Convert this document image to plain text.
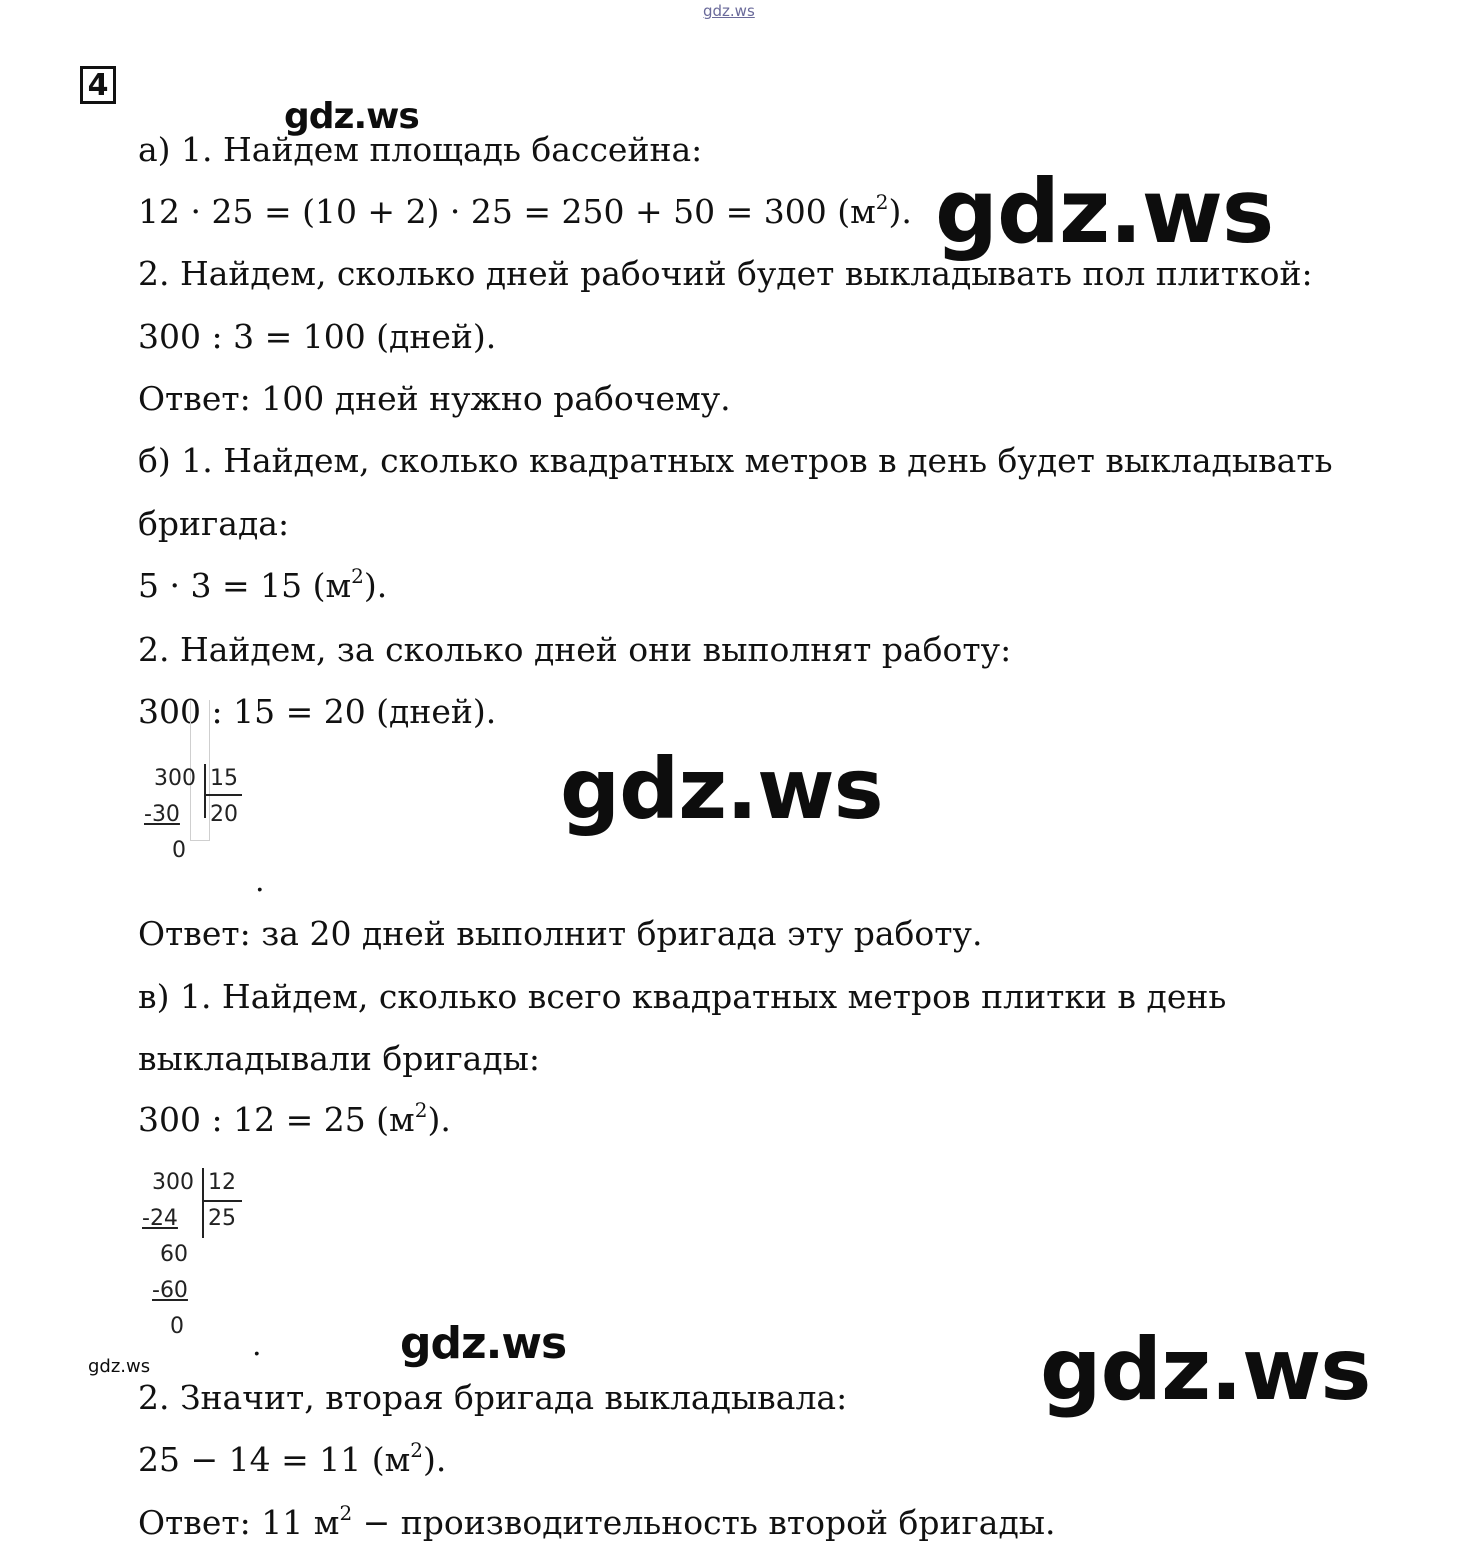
gdz.ws
4
gdz.ws
gdz.ws
gdz.ws
gdz.ws
gdz.ws	gdz.ws
а) 1. Найдем площадь бассейна:
12 · 25 = (10 + 2) · 25 = 250 + 50 = 300 $(м^2)$.
2. Найдем, сколько дней рабочий будет выкладывать пол плиткой:
300 : 3 = 100 (дней).
Ответ: 100 дней нужно рабочему.
б) 1. Найдем, сколько квадратных метров в день будет выкладывать
бригада:
5 · 3 = 15 $(м^2)$.
2. Найдем, за сколько дней они выполнят работу:
300 : 15 = 20 (дней).
300 15
-30 20
0
.
Ответ: за 20 дней выполнит бригада эту работу.
в) 1. Найдем, сколько всего квадратных метров плитки в день
выкладывали бригады:
300 : 12 = 25 $(м^2)$.
300 12
-24 25
60
-60
0
.
2. Значит, вторая бригада выкладывала:
25 − 14 = 11 $(м^2)$.
Ответ: 11 $м^2$ − производительность второй бригады.
